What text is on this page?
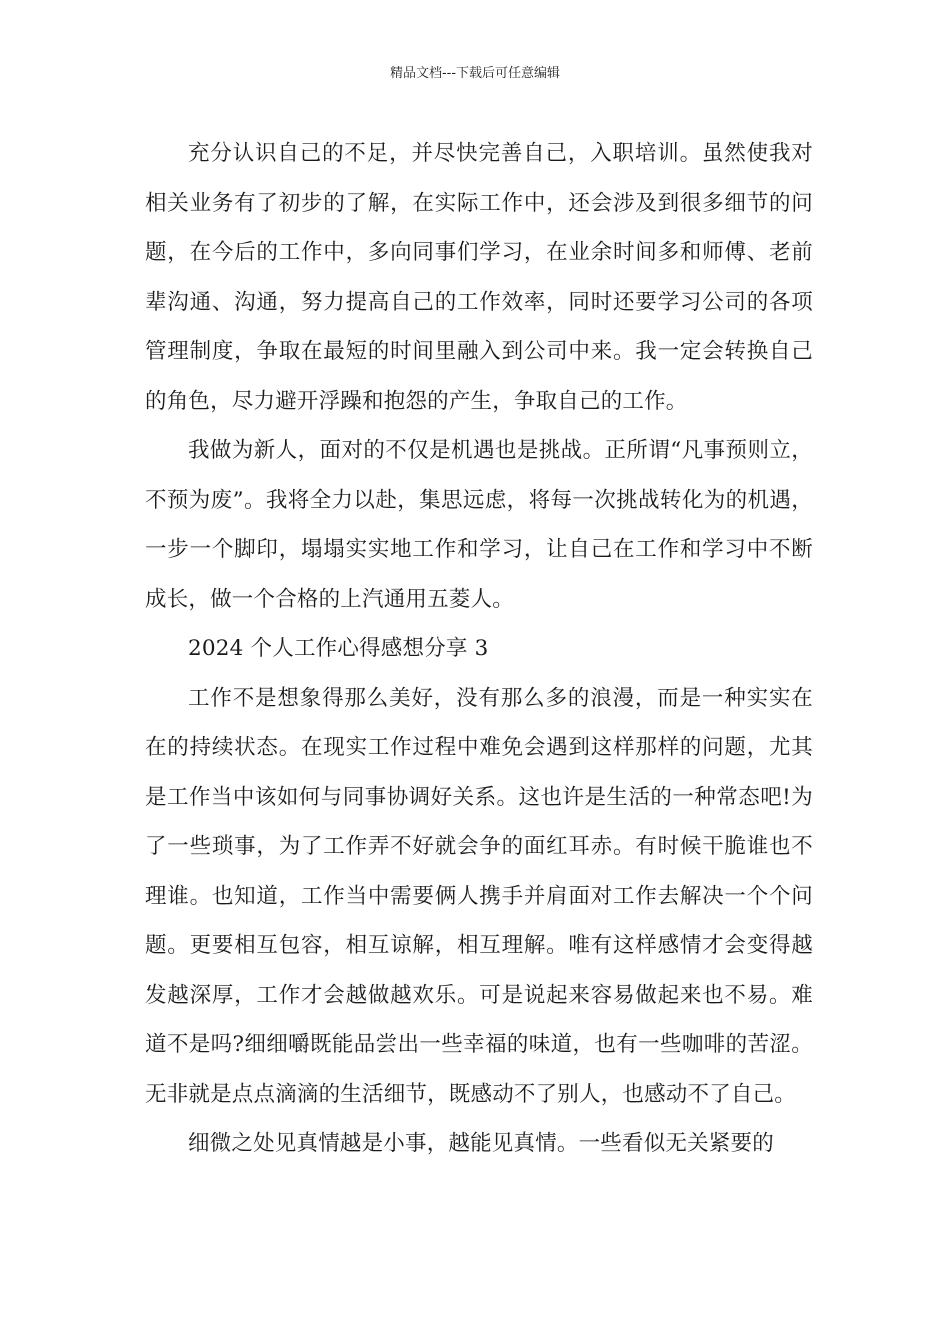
精品文档---下载后可任意编辑

充分认识自己的不足，并尽快完善自己，入职培训。虽然使我对相关业务有了初步的了解，在实际工作中，还会涉及到很多细节的问题，在今后的工作中，多向同事们学习，在业余时间多和师傅、老前辈沟通、沟通，努力提高自己的工作效率，同时还要学习公司的各项管理制度，争取在最短的时间里融入到公司中来。我一定会转换自己的角色，尽力避开浮躁和抱怨的产生，争取自己的工作。

我做为新人，面对的不仅是机遇也是挑战。正所谓“凡事预则立，不预为废”。我将全力以赴，集思远虑，将每一次挑战转化为的机遇，一步一个脚印，塌塌实实地工作和学习，让自己在工作和学习中不断成长，做一个合格的上汽通用五菱人。

2024 个人工作心得感想分享 3

工作不是想象得那么美好，没有那么多的浪漫，而是一种实实在在的持续状态。在现实工作过程中难免会遇到这样那样的问题，尤其是工作当中该如何与同事协调好关系。这也许是生活的一种常态吧!为了一些琐事，为了工作弄不好就会争的面红耳赤。有时候干脆谁也不理谁。也知道，工作当中需要俩人携手并肩面对工作去解决一个个问题。更要相互包容，相互谅解，相互理解。唯有这样感情才会变得越发越深厚，工作才会越做越欢乐。可是说起来容易做起来也不易。难道不是吗?细细嚼既能品尝出一些幸福的味道，也有一些咖啡的苦涩。无非就是点点滴滴的生活细节，既感动不了别人，也感动不了自己。

细微之处见真情越是小事，越能见真情。一些看似无关紧要的
